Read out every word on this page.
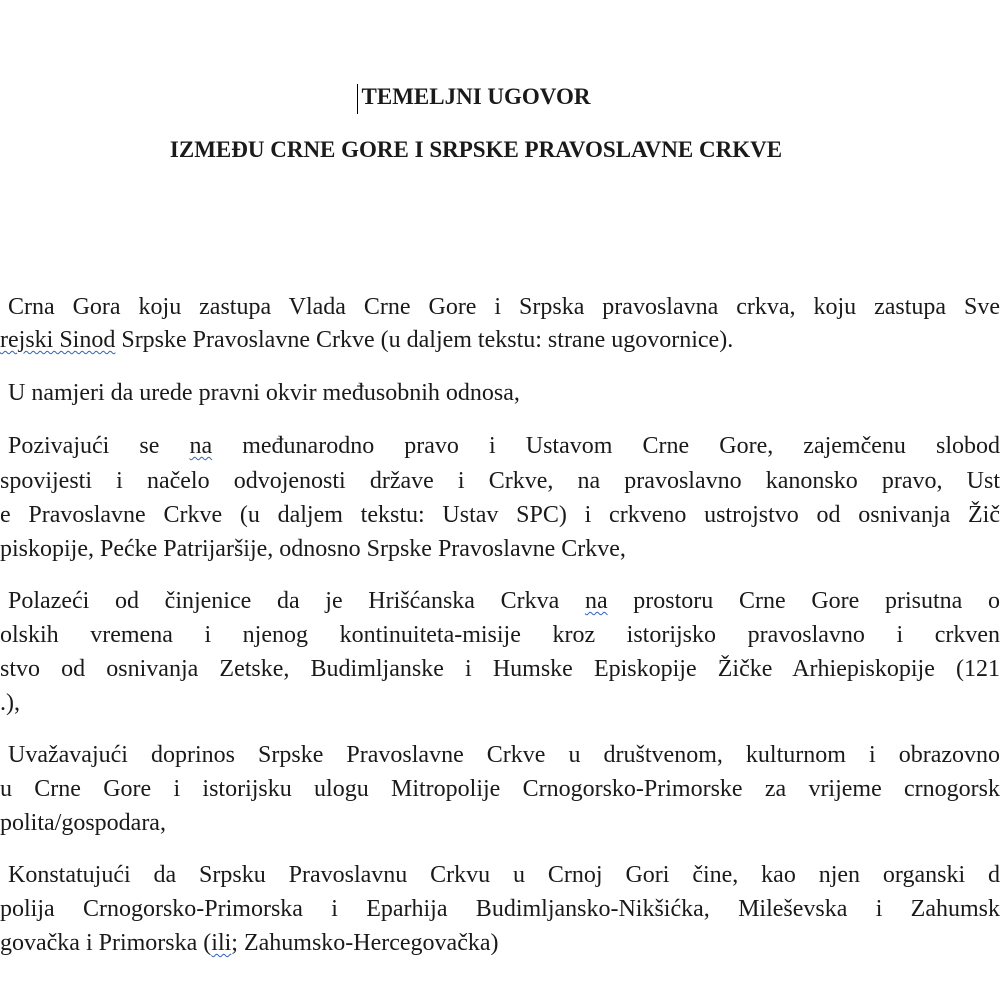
TEMELJNI UGOVOR
IZMEĐU CRNE GORE I SRPSKE PRAVOSLAVNE CRKVE
Crna Gora koju zastupa Vlada Crne Gore i Srpska pravoslavna crkva, koju zastupa Sve
rejski Sinod Srpske Pravoslavne Crkve (u daljem tekstu: strane ugovornice).
U namjeri da urede pravni okvir međusobnih odnosa,
Pozivajući se na međunarodno pravo i Ustavom Crne Gore, zajemčenu slobod
spovijesti i načelo odvojenosti države i Crkve, na pravoslavno kanonsko pravo, Ust
e Pravoslavne Crkve (u daljem tekstu: Ustav SPC) i crkveno ustrojstvo od osnivanja Žič
piskopije, Pećke Patrijaršije, odnosno Srpske Pravoslavne Crkve,
Polazeći od činjenice da je Hrišćanska Crkva na prostoru Crne Gore prisutna o
olskih vremena i njenog kontinuiteta-misije kroz istorijsko pravoslavno i crkven
stvo od osnivanja Zetske, Budimljanske i Humske Episkopije Žičke Arhiepiskopije (121
.),
Uvažavajući doprinos Srpske Pravoslavne Crkve u društvenom, kulturnom i obrazovno
u Crne Gore i istorijsku ulogu Mitropolije Crnogorsko-Primorske za vrijeme crnogorsk
polita/gospodara,
Konstatujući da Srpsku Pravoslavnu Crkvu u Crnoj Gori čine, kao njen organski d
polija Crnogorsko-Primorska i Eparhija Budimljansko-Nikšićka, Mileševska i Zahumsk
govačka i Primorska (ili; Zahumsko-Hercegovačka)
